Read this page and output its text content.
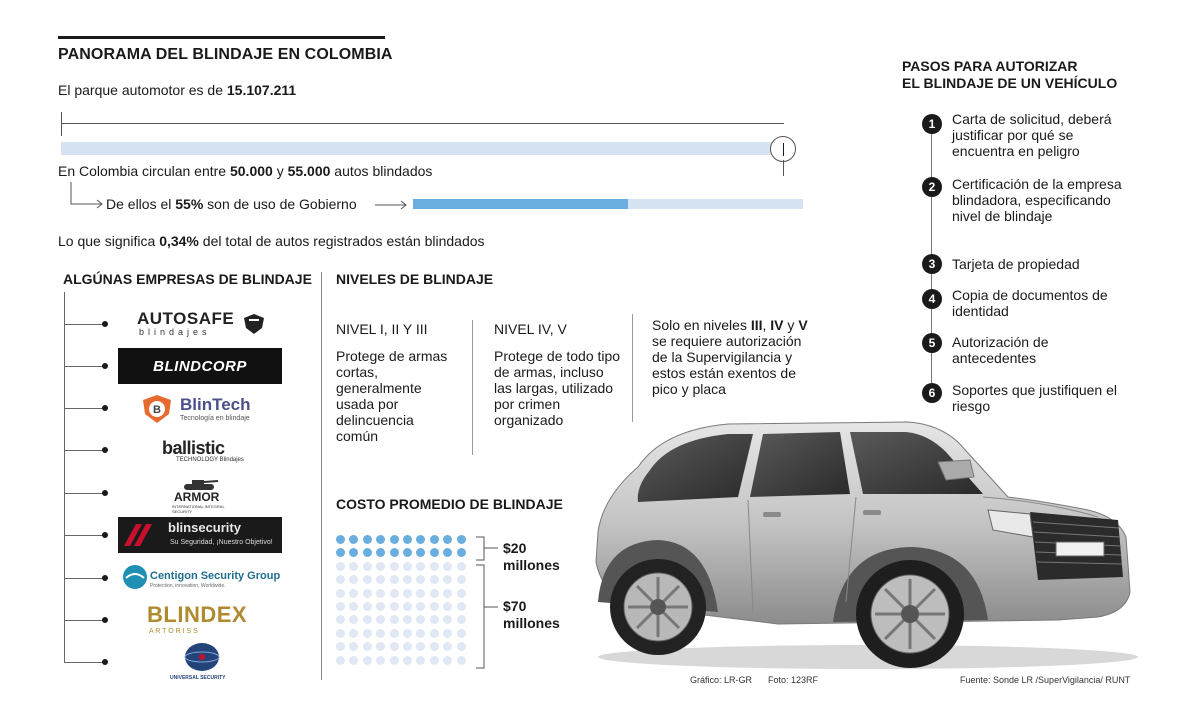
PANORAMA DEL BLINDAJE EN COLOMBIA
El parque automotor es de 15.107.211
En Colombia circulan entre 50.000 y 55.000 autos blindados
De ellos el 55% son de uso de Gobierno
Lo que significa 0,34% del total de autos registrados están blindados
ALGÚNAS EMPRESAS DE BLINDAJE
AUTOSAFE
blindajes
BLINDCORP
B BlinTech
Tecnología en blindaje
ballistic
TECHNOLOGY Blindajes
ARMOR
INTERNATIONAL INTEGRAL SECURITY
blinsecurity
Su Seguridad, ¡Nuestro Objetivo!
Centigon Security Group
Protection, innovation, Worldwide.
BLINDEX
A R T O R I S S
UNIVERSAL SECURITY
NIVELES DE BLINDAJE
NIVEL I, II Y III
Protege de armas cortas, generalmente usada por delincuencia común
NIVEL IV, V
Protege de todo tipo de armas, incluso las largas, utilizado por crimen organizado
Solo en niveles III, IV y V se requiere autorización de la Supervigilancia y estos están exentos de pico y placa
COSTO PROMEDIO DE BLINDAJE
$20
millones
$70
millones
PASOS PARA AUTORIZAR
EL BLINDAJE DE UN VEHÍCULO
1	Carta de solicitud, deberá justificar por qué se encuentra en peligro
2	Certificación de la empresa blindadora, especificando nivel de blindaje
3	Tarjeta de propiedad
4	Copia de documentos de identidad
5	Autorización de antecedentes
6	Soportes que justifiquen el riesgo
Gráfico: LR-GR Foto: 123RF	Fuente: Sonde LR /SuperVigilancia/ RUNT
